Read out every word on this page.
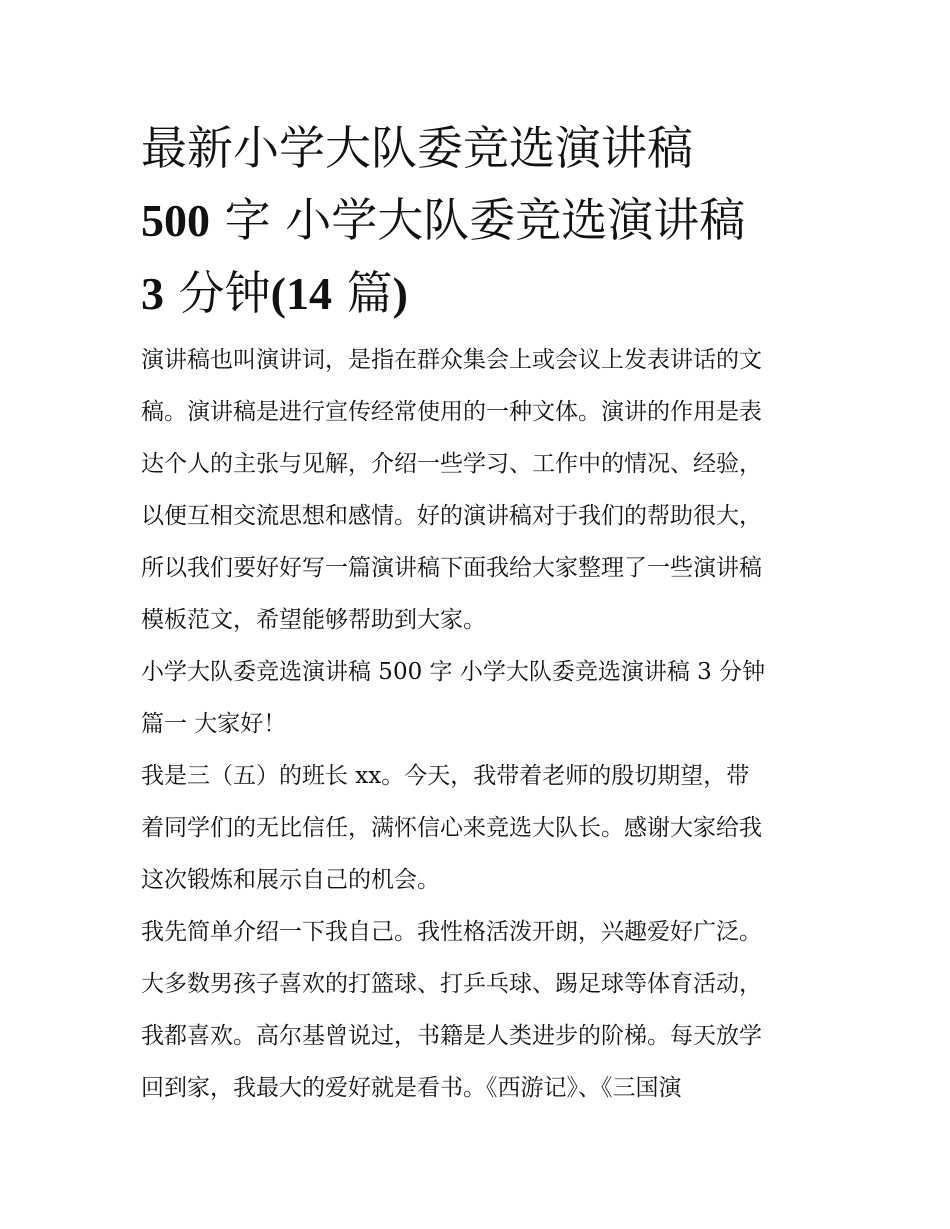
最新小学大队委竞选演讲稿
500 字 小学大队委竞选演讲稿
3 分钟(14 篇)

演讲稿也叫演讲词，是指在群众集会上或会议上发表讲话的文
稿。演讲稿是进行宣传经常使用的一种文体。演讲的作用是表
达个人的主张与见解，介绍一些学习、工作中的情况、经验，
以便互相交流思想和感情。好的演讲稿对于我们的帮助很大，
所以我们要好好写一篇演讲稿下面我给大家整理了一些演讲稿
模板范文，希望能够帮助到大家。

小学大队委竞选演讲稿 500 字 小学大队委竞选演讲稿 3 分钟
篇一 大家好！

我是三（五）的班长 xx。今天，我带着老师的殷切期望，带
着同学们的无比信任，满怀信心来竞选大队长。感谢大家给我
这次锻炼和展示自己的机会。

我先简单介绍一下我自己。我性格活泼开朗，兴趣爱好广泛。
大多数男孩子喜欢的打篮球、打乒乓球、踢足球等体育活动，
我都喜欢。高尔基曾说过，书籍是人类进步的阶梯。每天放学
回到家，我最大的爱好就是看书。《西游记》、《三国演
